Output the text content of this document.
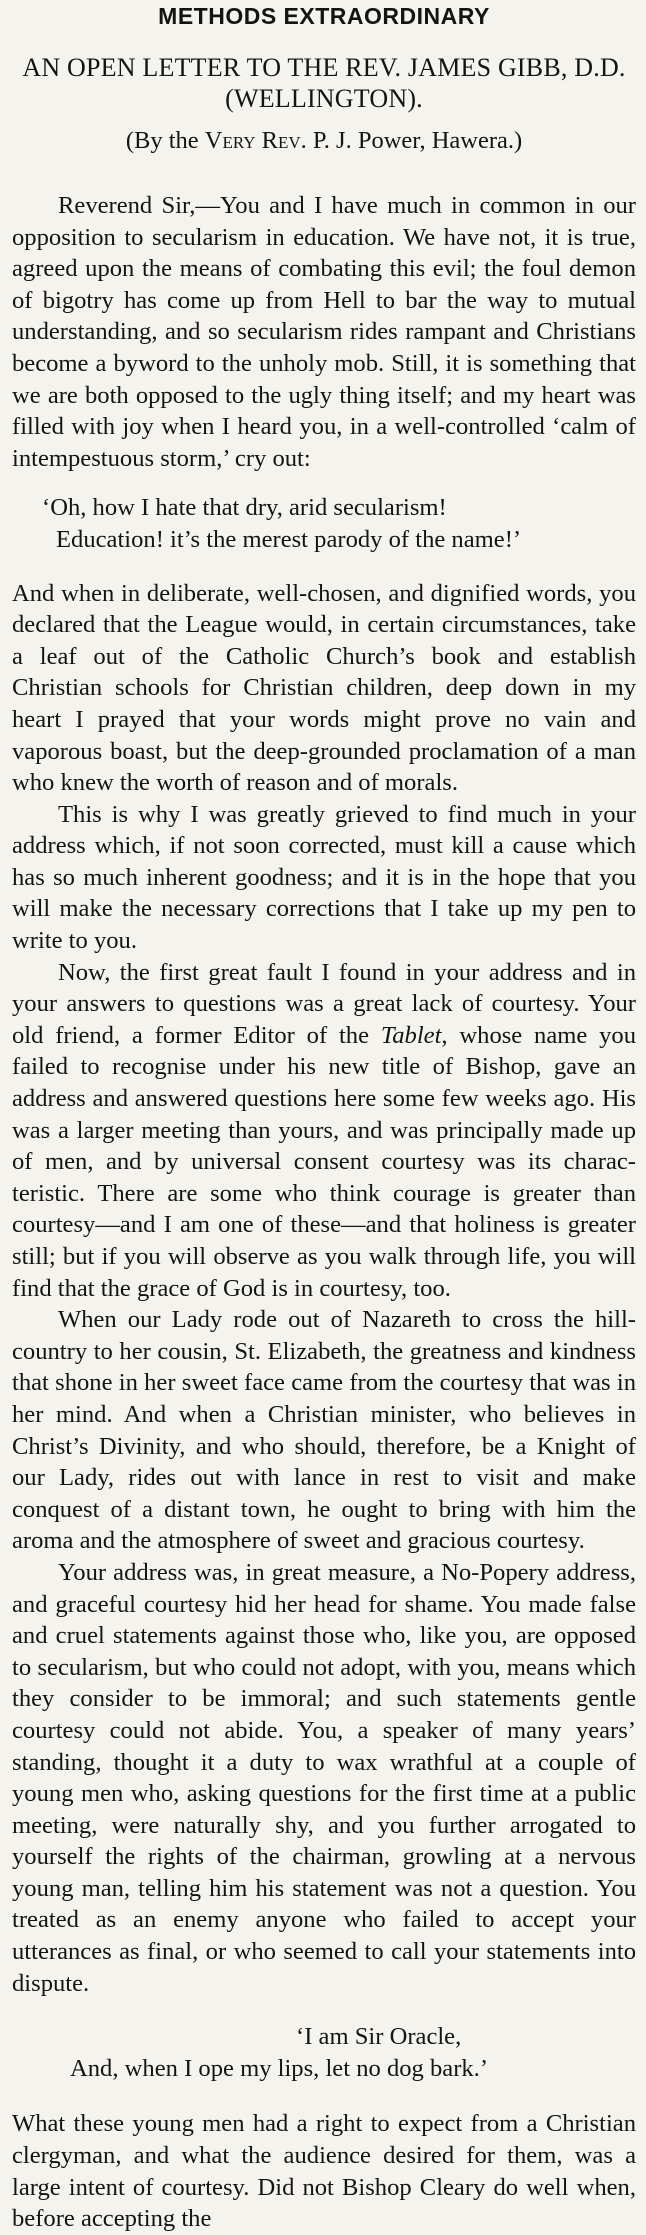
METHODS EXTRAORDINARY
AN OPEN LETTER TO THE REV. JAMES GIBB, D.D. (WELLINGTON).
(By the Very Rev. P. J. Power, Hawera.)

Reverend Sir,—You and I have much in common in our opposition to secularism in education. We have not, it is true, agreed upon the means of combating this evil; the foul demon of bigotry has come up from Hell to bar the way to mutual understanding, and so secularism rides rampant and Christians become a byword to the unholy mob. Still, it is something that we are both opposed to the ugly thing itself; and my heart was filled with joy when I heard you, in a well-controlled ‘calm of intempestuous storm,’ cry out:

‘Oh, how I hate that dry, arid secularism!
Education! it’s the merest parody of the name!’

And when in deliberate, well-chosen, and dignified words, you declared that the League would, in certain circumstances, take a leaf out of the Catholic Church’s book and establish Christian schools for Christian children, deep down in my heart I prayed that your words might prove no vain and vaporous boast, but the deep-grounded proclamation of a man who knew the worth of reason and of morals.

This is why I was greatly grieved to find much in your address which, if not soon corrected, must kill a cause which has so much inherent goodness; and it is in the hope that you will make the necessary corrections that I take up my pen to write to you.

Now, the first great fault I found in your address and in your answers to questions was a great lack of courtesy. Your old friend, a former Editor of the Tablet, whose name you failed to recognise under his new title of Bishop, gave an address and answered questions here some few weeks ago. His was a larger meeting than yours, and was principally made up of men, and by universal consent courtesy was its characteristic. There are some who think courage is greater than courtesy—and I am one of these—and that holiness is greater still; but if you will observe as you walk through life, you will find that the grace of God is in courtesy, too.

When our Lady rode out of Nazareth to cross the hill-country to her cousin, St. Elizabeth, the greatness and kindness that shone in her sweet face came from the courtesy that was in her mind. And when a Christian minister, who believes in Christ’s Divinity, and who should, therefore, be a Knight of our Lady, rides out with lance in rest to visit and make conquest of a distant town, he ought to bring with him the aroma and the atmosphere of sweet and gracious courtesy.

Your address was, in great measure, a No-Popery address, and graceful courtesy hid her head for shame. You made false and cruel statements against those who, like you, are opposed to secularism, but who could not adopt, with you, means which they consider to be immoral; and such statements gentle courtesy could not abide. You, a speaker of many years’ standing, thought it a duty to wax wrathful at a couple of young men who, asking questions for the first time at a public meeting, were naturally shy, and you further arrogated to yourself the rights of the chairman, growling at a nervous young man, telling him his statement was not a question. You treated as an enemy anyone who failed to accept your utterances as final, or who seemed to call your statements into dispute.

‘I am Sir Oracle,
And, when I ope my lips, let no dog bark.’

What these young men had a right to expect from a Christian clergyman, and what the audience desired for them, was a large intent of courtesy. Did not Bishop Cleary do well when, before accepting the
